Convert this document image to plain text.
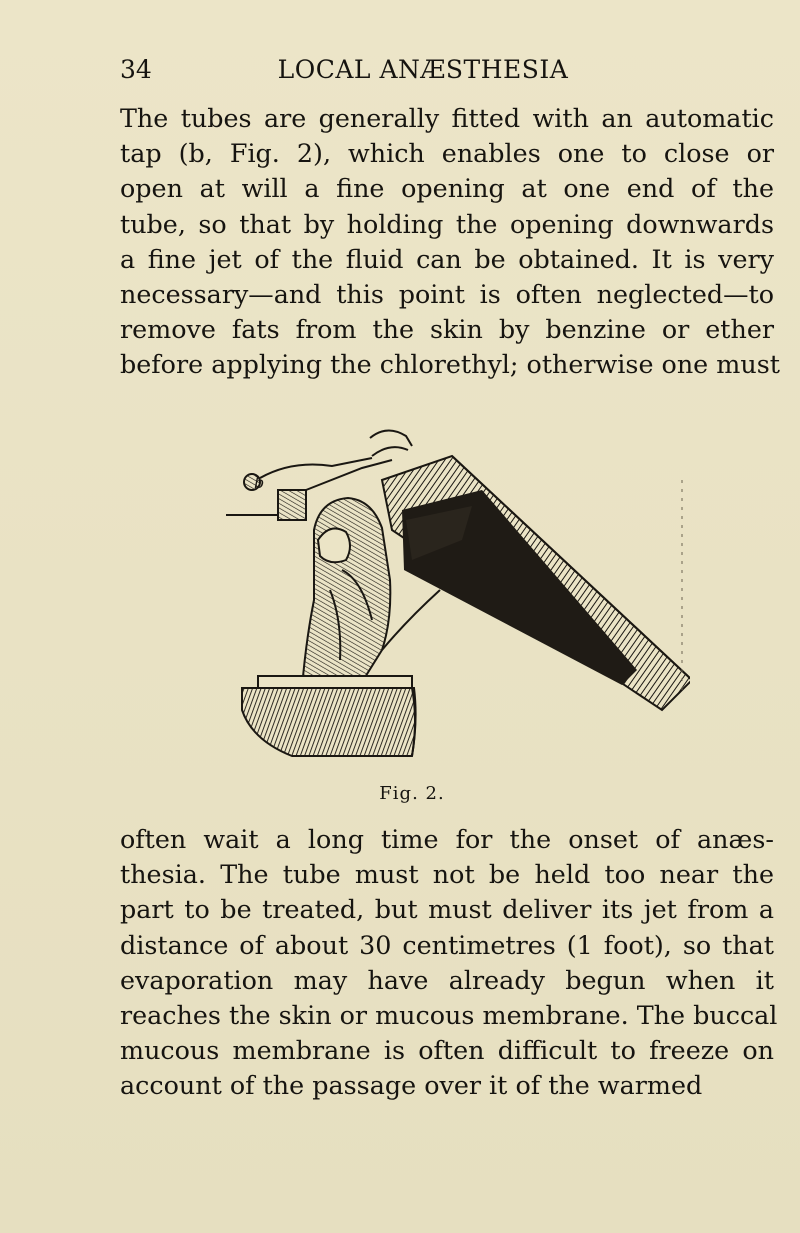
34	LOCAL ANÆSTHESIA
The tubes are generally fitted with an automatic
tap (b, Fig. 2), which enables one to close or
open at will a fine opening at one end of the
tube, so that by holding the opening downwards
a fine jet of the fluid can be obtained. It is very
necessary—and this point is often neglected—to
remove fats from the skin by benzine or ether
before applying the chlorethyl; otherwise one must
b
Fig. 2.
often wait a long time for the onset of anæs-
thesia. The tube must not be held too near the
part to be treated, but must deliver its jet from a
distance of about 30 centimetres (1 foot), so that
evaporation may have already begun when it
reaches the skin or mucous membrane. The buccal
mucous membrane is often difficult to freeze on
account of the passage over it of the warmed
